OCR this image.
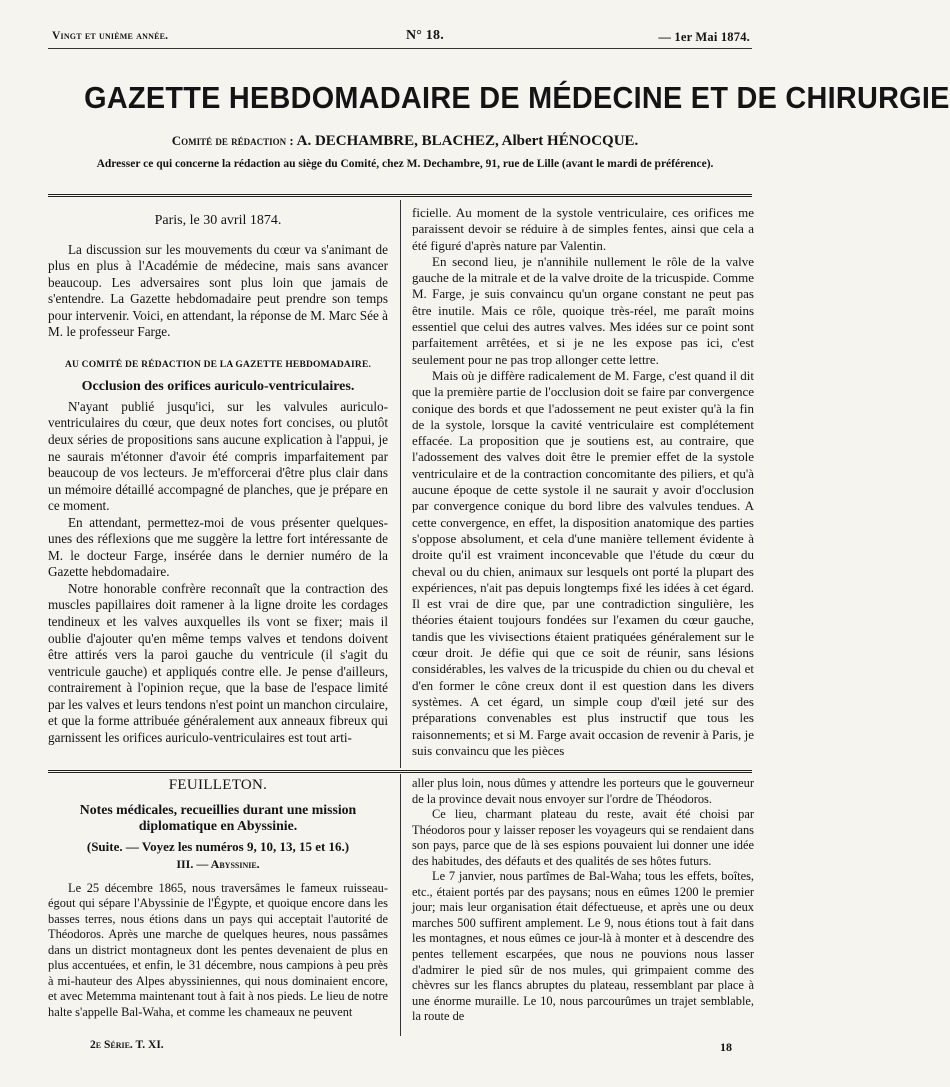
Vingt et unième année.	N° 18.	— 1er Mai 1874.
GAZETTE HEBDOMADAIRE DE MÉDECINE ET DE CHIRURGIE
Comité de rédaction : A. DECHAMBRE, BLACHEZ, Albert HÉNOCQUE.
Adresser ce qui concerne la rédaction au siège du Comité, chez M. Dechambre, 91, rue de Lille (avant le mardi de préférence).

Paris, le 30 avril 1874.

La discussion sur les mouvements du cœur va s'animant de plus en plus à l'Académie de médecine, mais sans avancer beaucoup. Les adversaires sont plus loin que jamais de s'entendre. La Gazette hebdomadaire peut prendre son temps pour intervenir. Voici, en attendant, la réponse de M. Marc Sée à M. le professeur Farge.

AU COMITÉ DE RÉDACTION DE LA GAZETTE HEBDOMADAIRE.

Occlusion des orifices auriculo-ventriculaires.

N'ayant publié jusqu'ici, sur les valvules auriculo-ventriculaires du cœur, que deux notes fort concises, ou plutôt deux séries de propositions sans aucune explication à l'appui, je ne saurais m'étonner d'avoir été compris imparfaitement par beaucoup de vos lecteurs. Je m'efforcerai d'être plus clair dans un mémoire détaillé accompagné de planches, que je prépare en ce moment.

En attendant, permettez-moi de vous présenter quelques-unes des réflexions que me suggère la lettre fort intéressante de M. le docteur Farge, insérée dans le dernier numéro de la Gazette hebdomadaire.

Notre honorable confrère reconnaît que la contraction des muscles papillaires doit ramener à la ligne droite les cordages tendineux et les valves auxquelles ils vont se fixer; mais il oublie d'ajouter qu'en même temps valves et tendons doivent être attirés vers la paroi gauche du ventricule (il s'agit du ventricule gauche) et appliqués contre elle. Je pense d'ailleurs, contrairement à l'opinion reçue, que la base de l'espace limité par les valves et leurs tendons n'est point un manchon circulaire, et que la forme attribuée généralement aux anneaux fibreux qui garnissent les orifices auriculo-ventriculaires est tout arti-

ficielle. Au moment de la systole ventriculaire, ces orifices me paraissent devoir se réduire à de simples fentes, ainsi que cela a été figuré d'après nature par Valentin.

En second lieu, je n'annihile nullement le rôle de la valve gauche de la mitrale et de la valve droite de la tricuspide. Comme M. Farge, je suis convaincu qu'un organe constant ne peut pas être inutile. Mais ce rôle, quoique très-réel, me paraît moins essentiel que celui des autres valves. Mes idées sur ce point sont parfaitement arrêtées, et si je ne les expose pas ici, c'est seulement pour ne pas trop allonger cette lettre.

Mais où je diffère radicalement de M. Farge, c'est quand il dit que la première partie de l'occlusion doit se faire par convergence conique des bords et que l'adossement ne peut exister qu'à la fin de la systole, lorsque la cavité ventriculaire est complétement effacée. La proposition que je soutiens est, au contraire, que l'adossement des valves doit être le premier effet de la systole ventriculaire et de la contraction concomitante des piliers, et qu'à aucune époque de cette systole il ne saurait y avoir d'occlusion par convergence conique du bord libre des valvules tendues. A cette convergence, en effet, la disposition anatomique des parties s'oppose absolument, et cela d'une manière tellement évidente à droite qu'il est vraiment inconcevable que l'étude du cœur du cheval ou du chien, animaux sur lesquels ont porté la plupart des expériences, n'ait pas depuis longtemps fixé les idées à cet égard. Il est vrai de dire que, par une contradiction singulière, les théories étaient toujours fondées sur l'examen du cœur gauche, tandis que les vivisections étaient pratiquées généralement sur le cœur droit. Je défie qui que ce soit de réunir, sans lésions considérables, les valves de la tricuspide du chien ou du cheval et d'en former le cône creux dont il est question dans les divers systèmes. A cet égard, un simple coup d'œil jeté sur des préparations convenables est plus instructif que tous les raisonnements; et si M. Farge avait occasion de revenir à Paris, je suis convaincu que les pièces

FEUILLETON.

Notes médicales, recueillies durant une mission diplomatique en Abyssinie.

(Suite. — Voyez les numéros 9, 10, 13, 15 et 16.)

III. — Abyssinie.

Le 25 décembre 1865, nous traversâmes le fameux ruisseau-égout qui sépare l'Abyssinie de l'Égypte, et quoique encore dans les basses terres, nous étions dans un pays qui acceptait l'autorité de Théodoros. Après une marche de quelques heures, nous passâmes dans un district montagneux dont les pentes devenaient de plus en plus accentuées, et enfin, le 31 décembre, nous campions à peu près à mi-hauteur des Alpes abyssiniennes, qui nous dominaient encore, et avec Metemma maintenant tout à fait à nos pieds. Le lieu de notre halte s'appelle Bal-Waha, et comme les chameaux ne peuvent

aller plus loin, nous dûmes y attendre les porteurs que le gouverneur de la province devait nous envoyer sur l'ordre de Théodoros.

Ce lieu, charmant plateau du reste, avait été choisi par Théodoros pour y laisser reposer les voyageurs qui se rendaient dans son pays, parce que de là ses espions pouvaient lui donner une idée des habitudes, des défauts et des qualités de ses hôtes futurs.

Le 7 janvier, nous partîmes de Bal-Waha; tous les effets, boîtes, etc., étaient portés par des paysans; nous en eûmes 1200 le premier jour; mais leur organisation était défectueuse, et après une ou deux marches 500 suffirent amplement. Le 9, nous étions tout à fait dans les montagnes, et nous eûmes ce jour-là à monter et à descendre des pentes tellement escarpées, que nous ne pouvions nous lasser d'admirer le pied sûr de nos mules, qui grimpaient comme des chèvres sur les flancs abruptes du plateau, ressemblant par place à une énorme muraille. Le 10, nous parcourûmes un trajet semblable, la route de

2e Série. T. XI.	18
